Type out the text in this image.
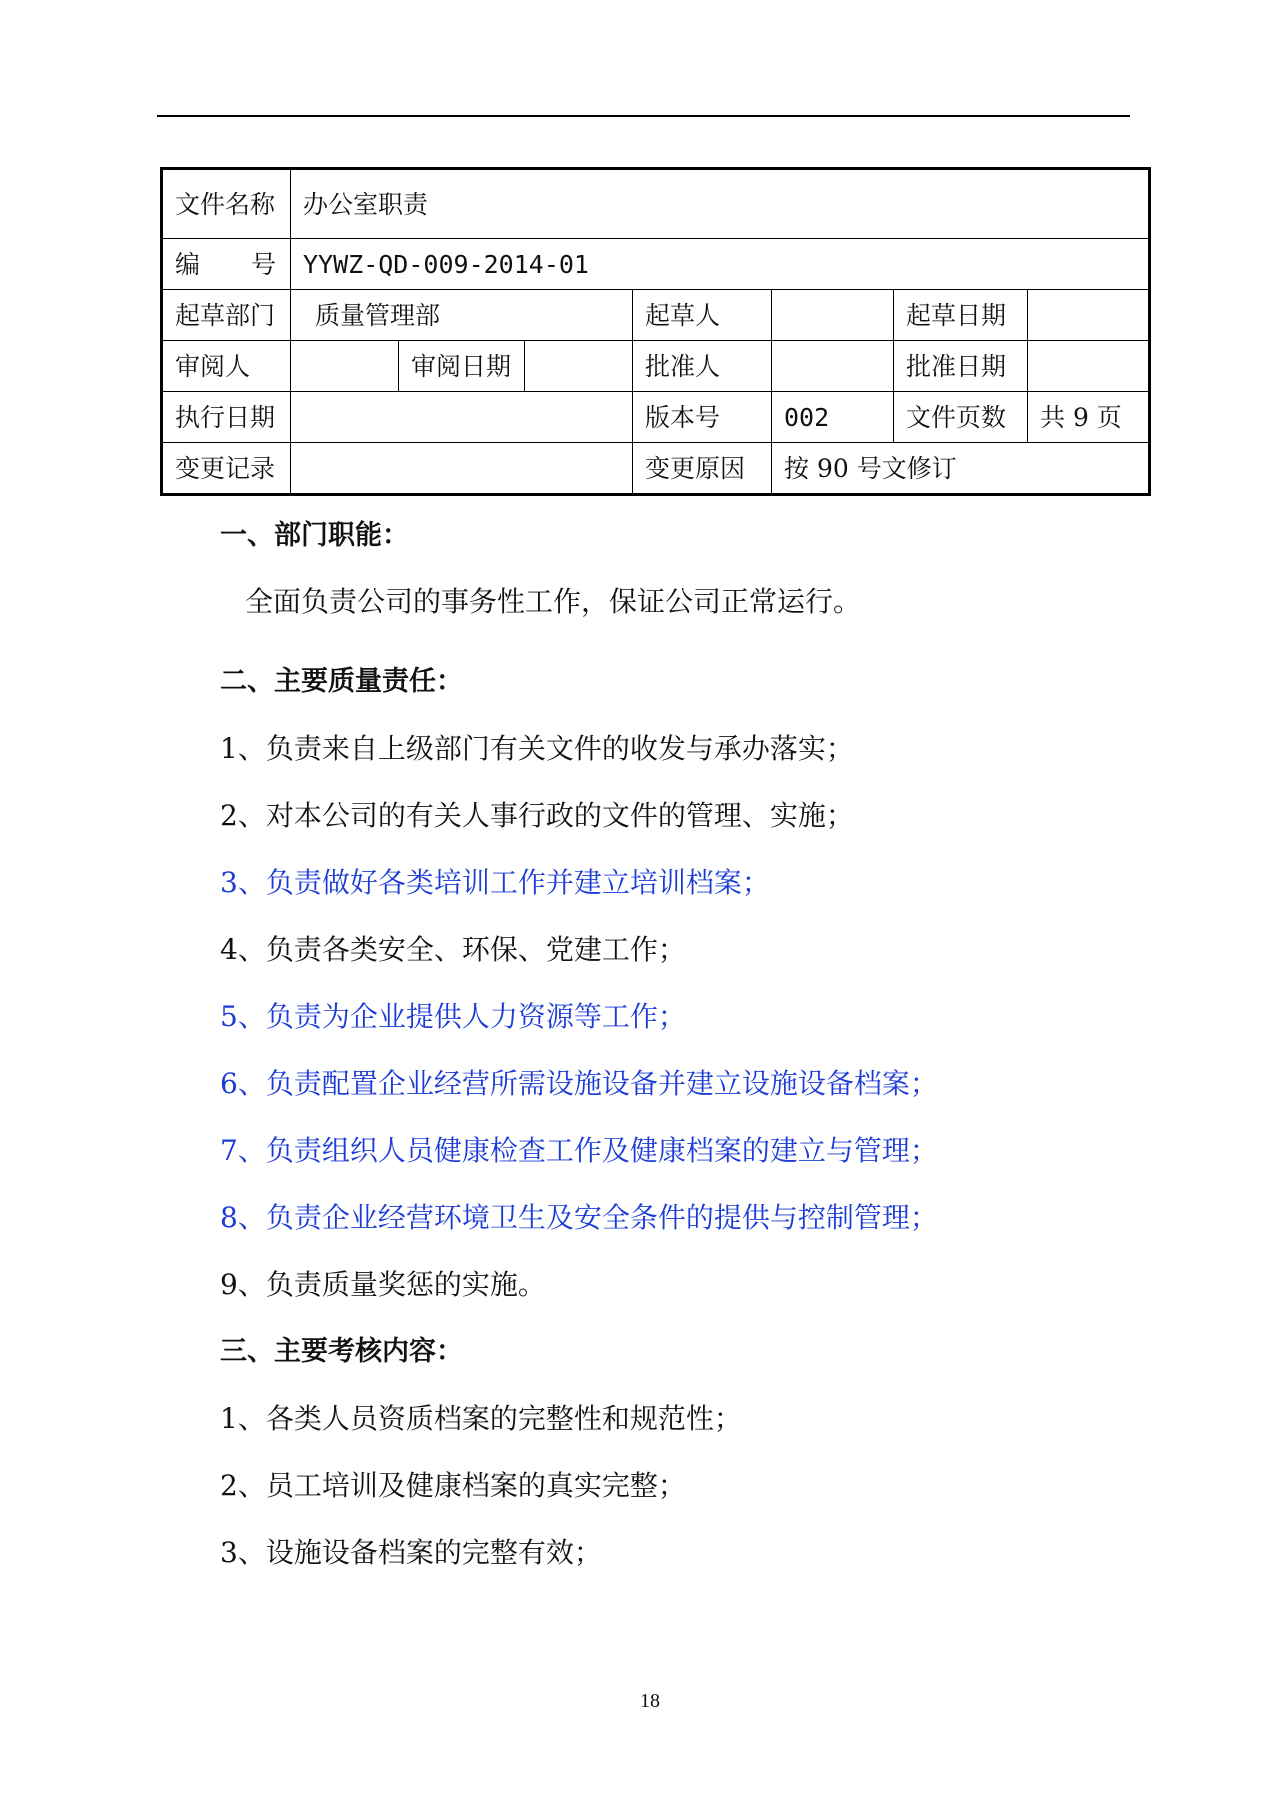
文件名称	办公室职责						

编 号	YYWZ-QD-009-2014-01						
起草部门	质量管理部			起草人		起草日期	
审阅人		审阅日期		批准人		批准日期	
执行日期				版本号	002	文件页数	共 9 页
变更记录				变更原因	按 90 号文修订		
一、部门职能：
全面负责公司的事务性工作，保证公司正常运行。
二、主要质量责任：
1、负责来自上级部门有关文件的收发与承办落实；
2、对本公司的有关人事行政的文件的管理、实施；
3、负责做好各类培训工作并建立培训档案；
4、负责各类安全、环保、党建工作；
5、负责为企业提供人力资源等工作；
6、负责配置企业经营所需设施设备并建立设施设备档案；
7、负责组织人员健康检查工作及健康档案的建立与管理；
8、负责企业经营环境卫生及安全条件的提供与控制管理；
9、负责质量奖惩的实施。
三、主要考核内容：
1、各类人员资质档案的完整性和规范性；
2、员工培训及健康档案的真实完整；
3、设施设备档案的完整有效；
18
